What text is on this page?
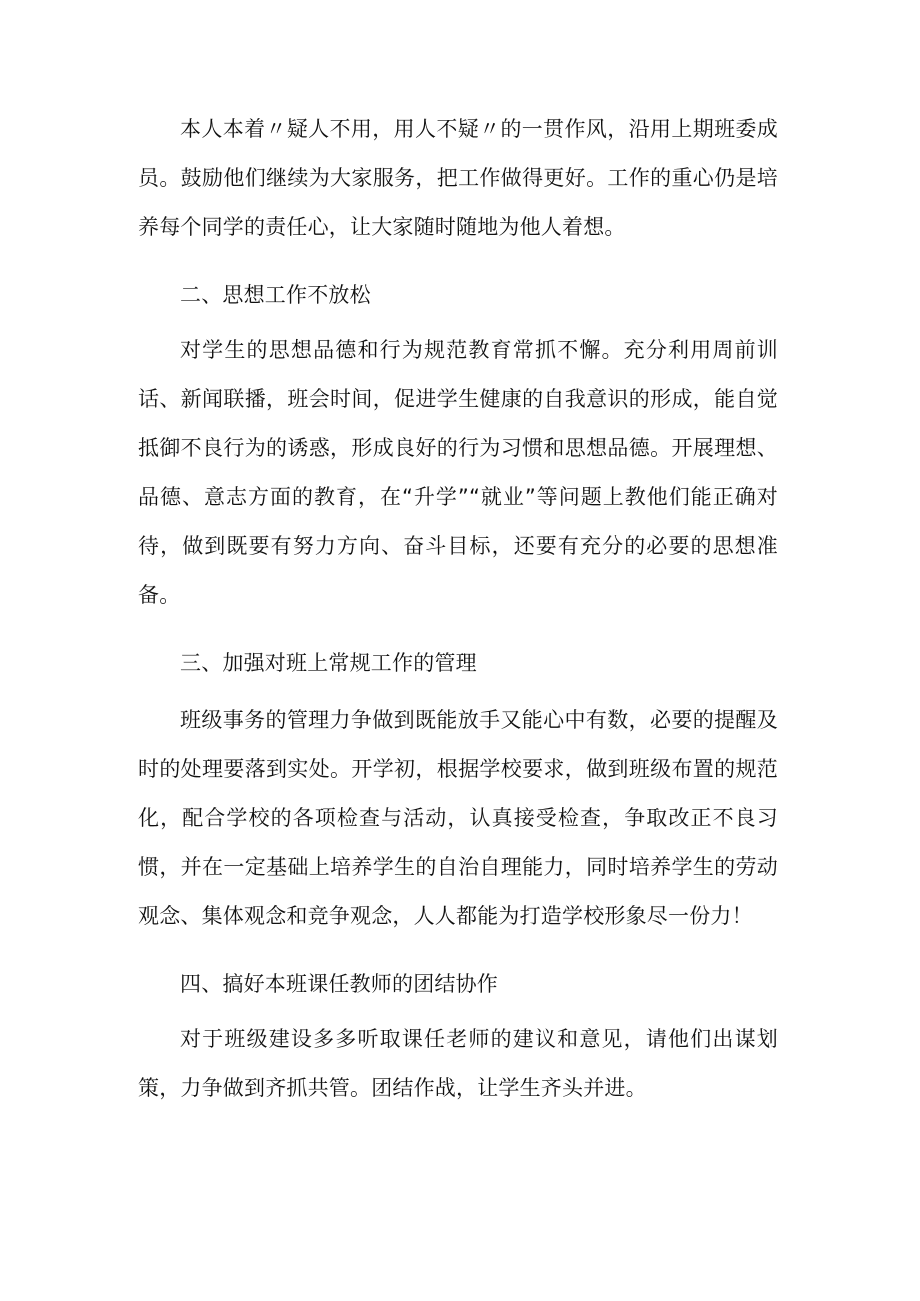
本人本着〃疑人不用，用人不疑〃的一贯作风，沿用上期班委成员。鼓励他们继续为大家服务，把工作做得更好。工作的重心仍是培养每个同学的责任心，让大家随时随地为他人着想。

二、思想工作不放松

对学生的思想品德和行为规范教育常抓不懈。充分利用周前训话、新闻联播，班会时间，促进学生健康的自我意识的形成，能自觉抵御不良行为的诱惑，形成良好的行为习惯和思想品德。开展理想、品德、意志方面的教育，在“升学”“就业”等问题上教他们能正确对待，做到既要有努力方向、奋斗目标，还要有充分的必要的思想准备。

三、加强对班上常规工作的管理

班级事务的管理力争做到既能放手又能心中有数，必要的提醒及时的处理要落到实处。开学初，根据学校要求，做到班级布置的规范化，配合学校的各项检查与活动，认真接受检查，争取改正不良习惯，并在一定基础上培养学生的自治自理能力，同时培养学生的劳动观念、集体观念和竞争观念，人人都能为打造学校形象尽一份力！

四、搞好本班课任教师的团结协作

对于班级建设多多听取课任老师的建议和意见，请他们出谋划策，力争做到齐抓共管。团结作战，让学生齐头并进。
